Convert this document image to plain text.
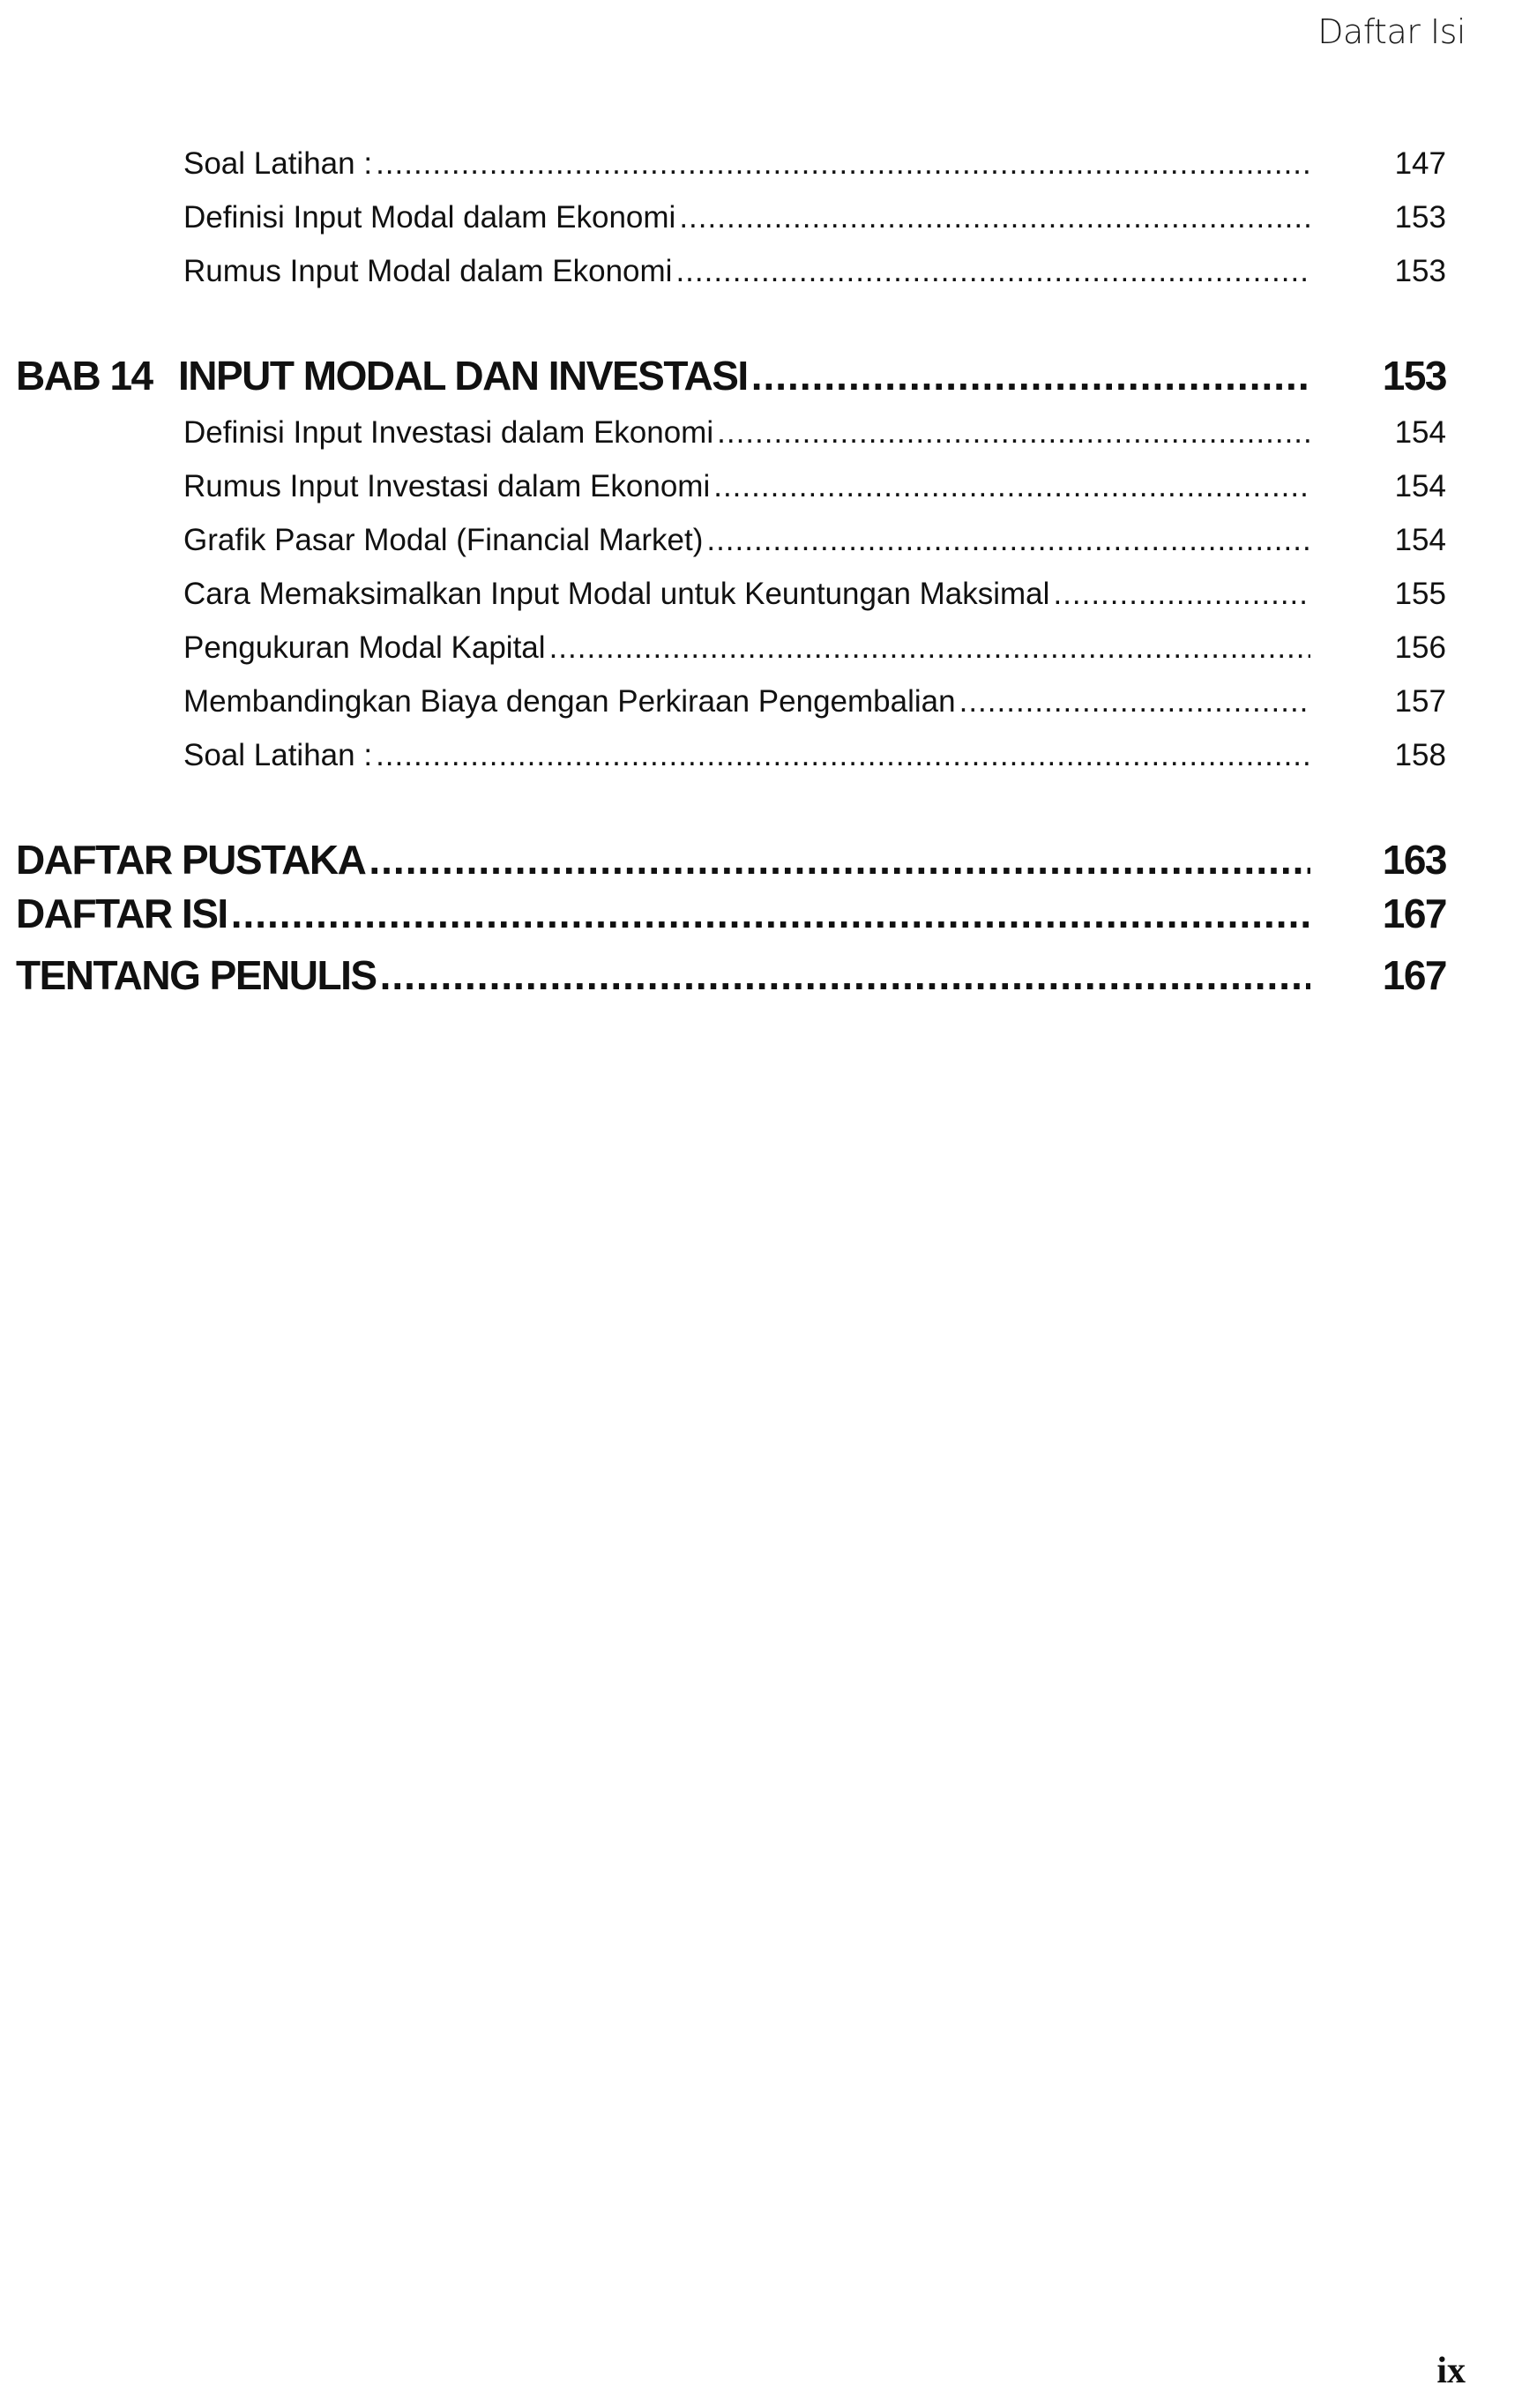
Daftar Isi
Soal Latihan : .....	147
Definisi Input Modal dalam Ekonomi .....	153
Rumus Input Modal dalam Ekonomi .....	153
BAB 14 INPUT MODAL DAN INVESTASI .....	153
Definisi Input Investasi dalam Ekonomi .....	154
Rumus Input Investasi dalam Ekonomi .....	154
Grafik Pasar Modal (Financial Market) .....	154
Cara Memaksimalkan Input Modal untuk Keuntungan Maksimal .....	155
Pengukuran Modal Kapital .....	156
Membandingkan Biaya dengan Perkiraan Pengembalian .....	157
Soal Latihan : .....	158
DAFTAR PUSTAKA .....	163
DAFTAR ISI .....	167
TENTANG PENULIS .....	167
ix
